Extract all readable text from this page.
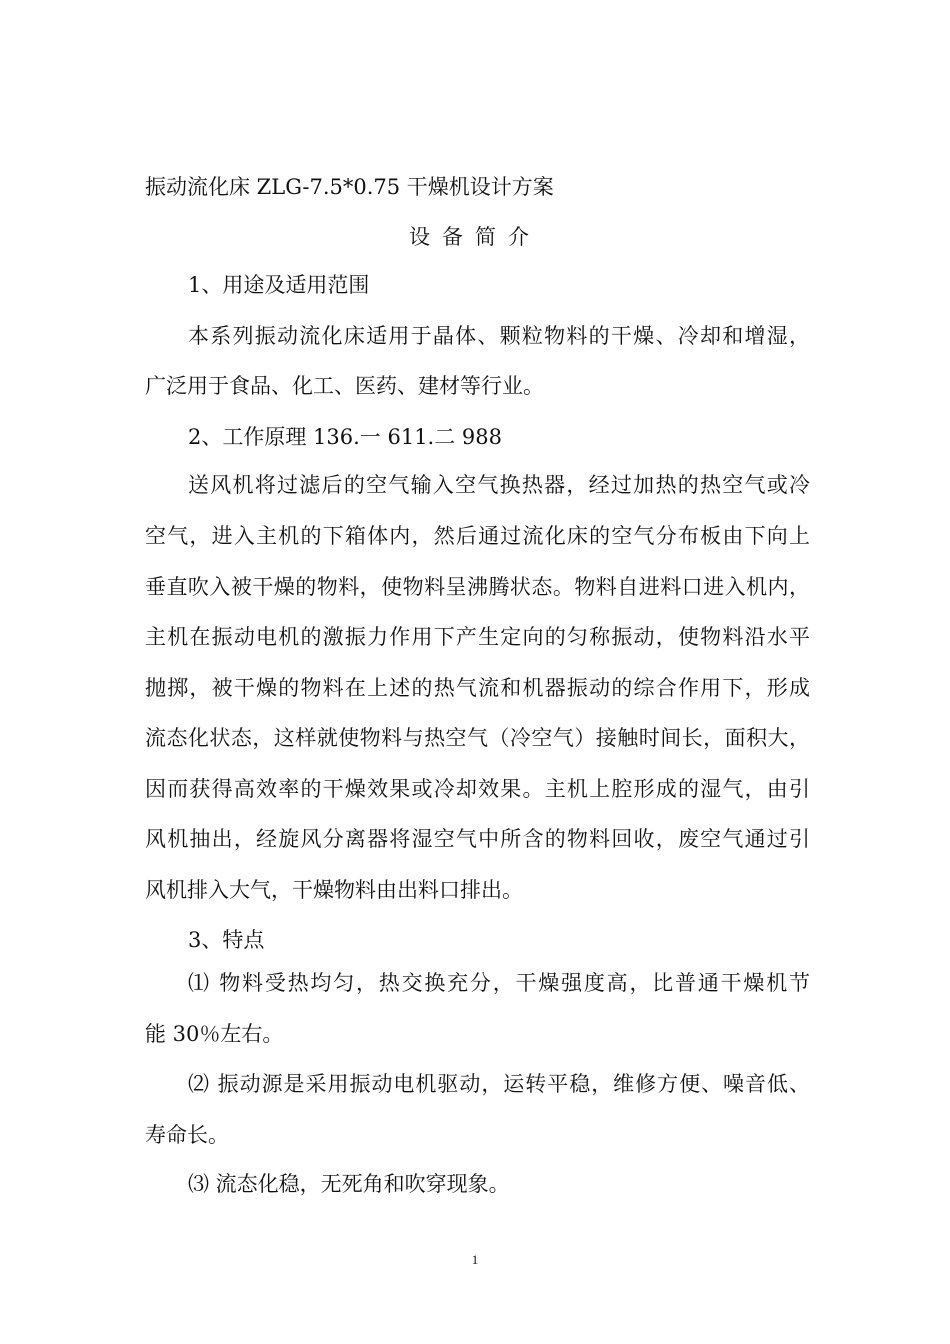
振动流化床 ZLG-7.5*0.75 干燥机设计方案
设备简介
1、用途及适用范围
本系列振动流化床适用于晶体、颗粒物料的干燥、冷却和增湿，
广泛用于食品、化工、医药、建材等行业。
2、工作原理 136.一 611.二 988
送风机将过滤后的空气输入空气换热器，经过加热的热空气或冷
空气，进入主机的下箱体内，然后通过流化床的空气分布板由下向上
垂直吹入被干燥的物料，使物料呈沸腾状态。物料自进料口进入机内，
主机在振动电机的激振力作用下产生定向的匀称振动，使物料沿水平
抛掷，被干燥的物料在上述的热气流和机器振动的综合作用下，形成
流态化状态，这样就使物料与热空气（冷空气）接触时间长，面积大，
因而获得高效率的干燥效果或冷却效果。主机上腔形成的湿气，由引
风机抽出，经旋风分离器将湿空气中所含的物料回收，废空气通过引
风机排入大气，干燥物料由出料口排出。
3、特点
⑴ 物料受热均匀，热交换充分，干燥强度高，比普通干燥机节
能 30％左右。
⑵ 振动源是采用振动电机驱动，运转平稳，维修方便、噪音低、
寿命长。
⑶ 流态化稳，无死角和吹穿现象。
1
